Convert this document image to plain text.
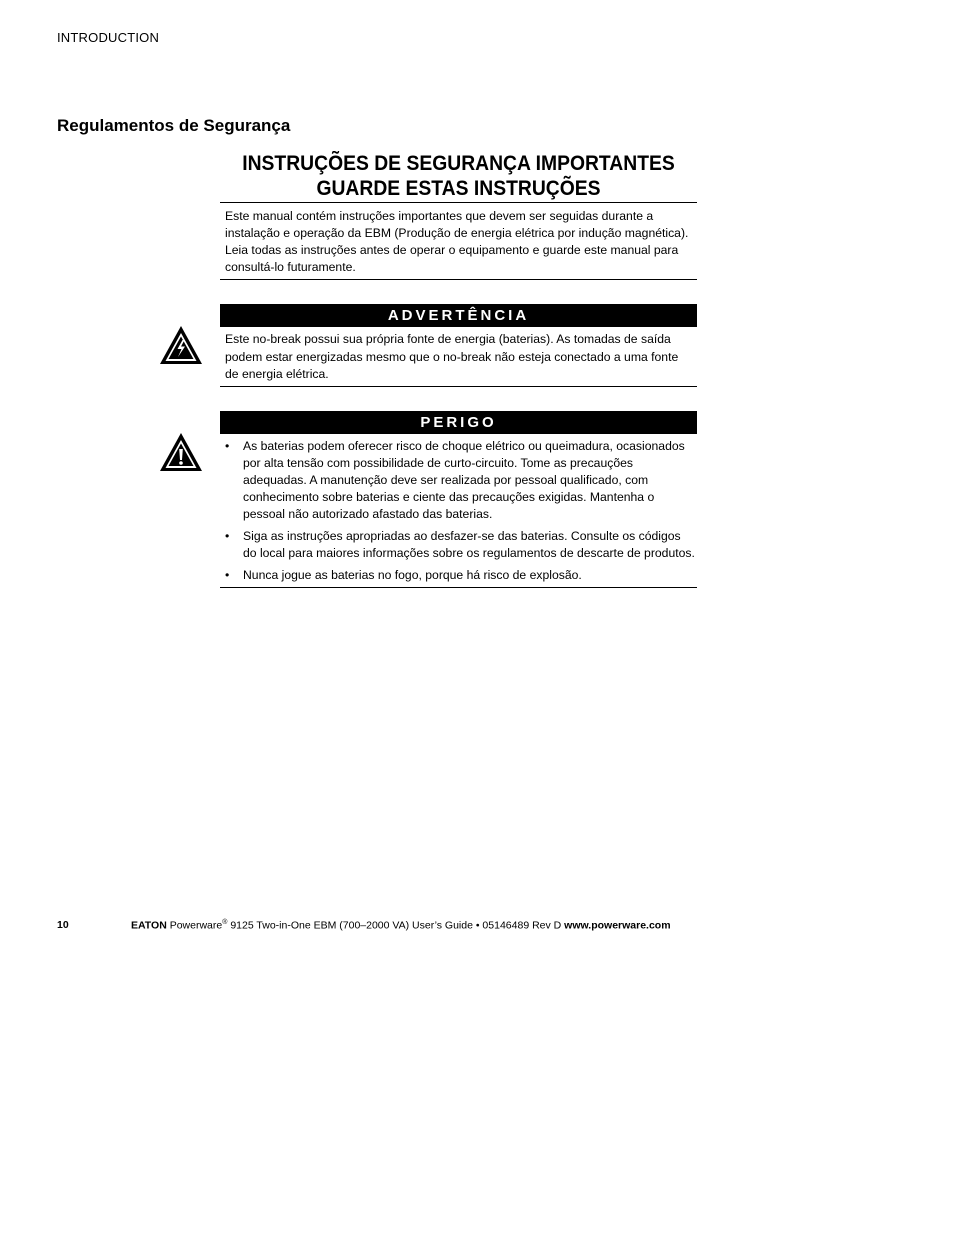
INTRODUCTION
Regulamentos de Segurança
INSTRUÇÕES DE SEGURANÇA IMPORTANTES
GUARDE ESTAS INSTRUÇÕES
Este manual contém instruções importantes que devem ser seguidas durante a instalação e operação da EBM (Produção de energia elétrica por indução magnética). Leia todas as instruções antes de operar o equipamento e guarde este manual para consultá-lo futuramente.
ADVERTÊNCIA
Este no-break possui sua própria fonte de energia (baterias). As tomadas de saída podem estar energizadas mesmo que o no-break não esteja conectado a uma fonte de energia elétrica.
PERIGO
• As baterias podem oferecer risco de choque elétrico ou queimadura, ocasionados por alta tensão com possibilidade de curto-circuito. Tome as precauções adequadas. A manutenção deve ser realizada por pessoal qualificado, com conhecimento sobre baterias e ciente das precauções exigidas. Mantenha o pessoal não autorizado afastado das baterias.
• Siga as instruções apropriadas ao desfazer-se das baterias. Consulte os códigos do local para maiores informações sobre os regulamentos de descarte de produtos.
• Nunca jogue as baterias no fogo, porque há risco de explosão.
10	EATON Powerware® 9125 Two-in-One EBM (700–2000 VA) User’s Guide • 05146489 Rev D www.powerware.com
